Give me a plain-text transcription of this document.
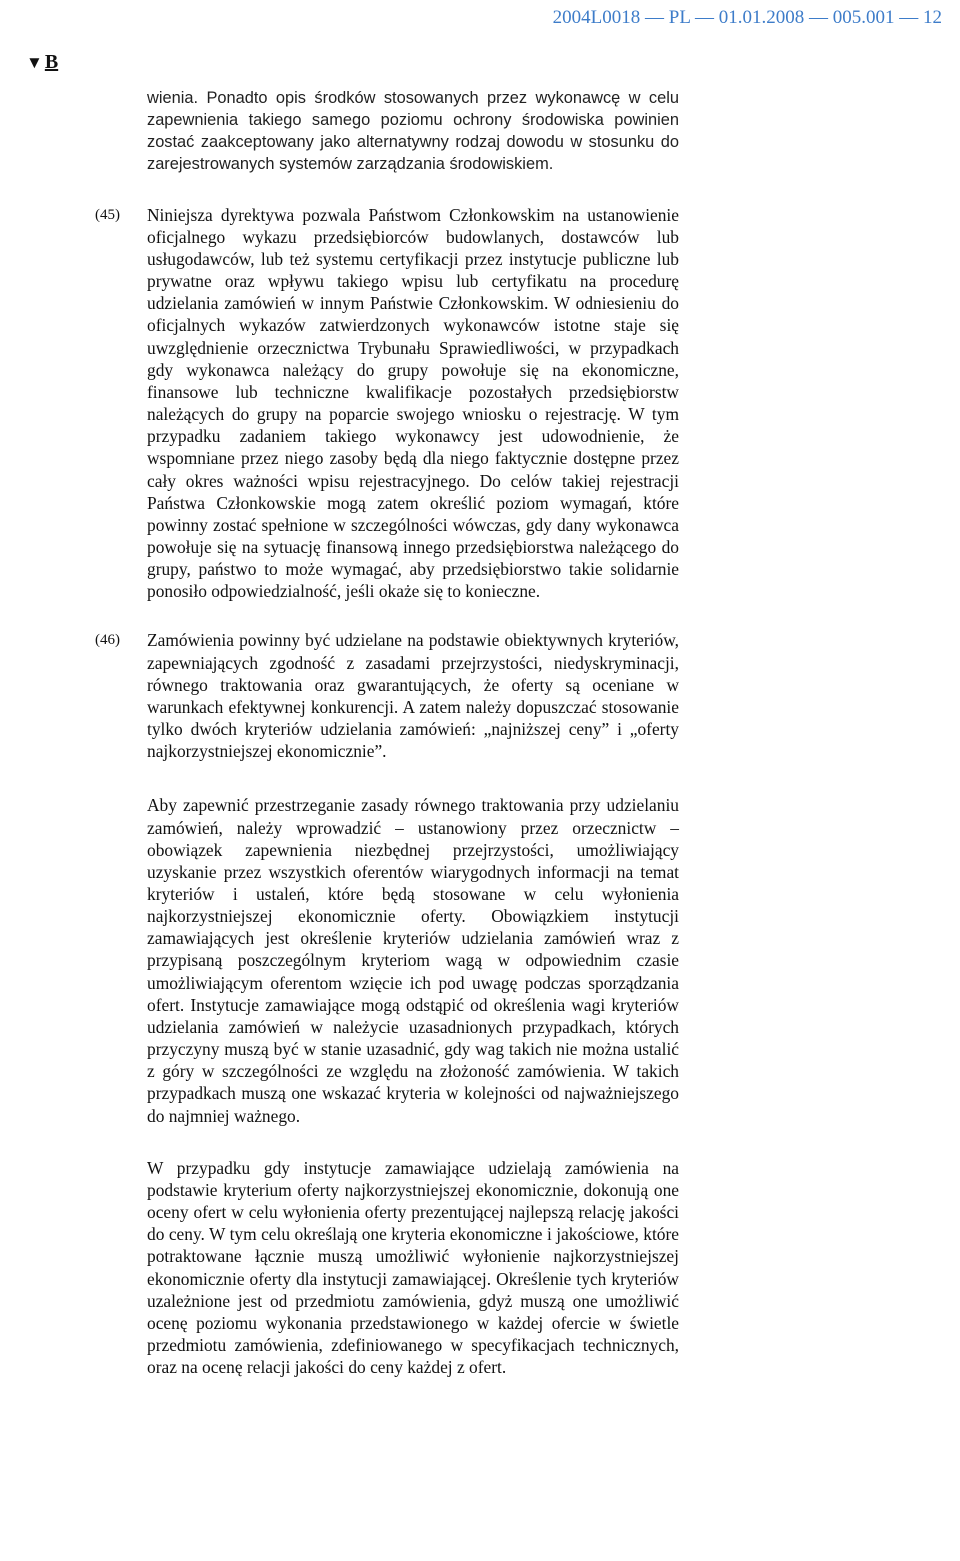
2004L0018 — PL — 01.01.2008 — 005.001 — 12
▼ B

wienia. Ponadto opis środków stosowanych przez wykonawcę w celu zapewnienia takiego samego poziomu ochrony środowiska powinien zostać zaakceptowany jako alternatywny rodzaj dowodu w stosunku do zarejestrowanych systemów zarządzania środowiskiem.

(45) Niniejsza dyrektywa pozwala Państwom Członkowskim na ustanowienie oficjalnego wykazu przedsiębiorców budowlanych, dostawców lub usługodawców, lub też systemu certyfikacji przez instytucje publiczne lub prywatne oraz wpływu takiego wpisu lub certyfikatu na procedurę udzielania zamówień w innym Państwie Członkowskim. W odniesieniu do oficjalnych wykazów zatwierdzonych wykonawców istotne staje się uwzględnienie orzecznictwa Trybunału Sprawiedliwości, w przypadkach gdy wykonawca należący do grupy powołuje się na ekonomiczne, finansowe lub techniczne kwalifikacje pozostałych przedsiębiorstw należących do grupy na poparcie swojego wniosku o rejestrację. W tym przypadku zadaniem takiego wykonawcy jest udowodnienie, że wspomniane przez niego zasoby będą dla niego faktycznie dostępne przez cały okres ważności wpisu rejestracyjnego. Do celów takiej rejestracji Państwa Członkowskie mogą zatem określić poziom wymagań, które powinny zostać spełnione w szczególności wówczas, gdy dany wykonawca powołuje się na sytuację finansową innego przedsiębiorstwa należącego do grupy, państwo to może wymagać, aby przedsiębiorstwo takie solidarnie ponosiło odpowiedzialność, jeśli okaże się to konieczne.

(46) Zamówienia powinny być udzielane na podstawie obiektywnych kryteriów, zapewniających zgodność z zasadami przejrzystości, niedyskryminacji, równego traktowania oraz gwarantujących, że oferty są oceniane w warunkach efektywnej konkurencji. A zatem należy dopuszczać stosowanie tylko dwóch kryteriów udzielania zamówień: „najniższej ceny” i „oferty najkorzystniejszej ekonomicznie”.

Aby zapewnić przestrzeganie zasady równego traktowania przy udzielaniu zamówień, należy wprowadzić – ustanowiony przez orzecznictw – obowiązek zapewnienia niezbędnej przejrzystości, umożliwiający uzyskanie przez wszystkich oferentów wiarygodnych informacji na temat kryteriów i ustaleń, które będą stosowane w celu wyłonienia najkorzystniejszej ekonomicznie oferty. Obowiązkiem instytucji zamawiających jest określenie kryteriów udzielania zamówień wraz z przypisaną poszczególnym kryteriom wagą w odpowiednim czasie umożliwiającym oferentom wzięcie ich pod uwagę podczas sporządzania ofert. Instytucje zamawiające mogą odstąpić od określenia wagi kryteriów udzielania zamówień w należycie uzasadnionych przypadkach, których przyczyny muszą być w stanie uzasadnić, gdy wag takich nie można ustalić z góry w szczególności ze względu na złożoność zamówienia. W takich przypadkach muszą one wskazać kryteria w kolejności od najważniejszego do najmniej ważnego.

W przypadku gdy instytucje zamawiające udzielają zamówienia na podstawie kryterium oferty najkorzystniejszej ekonomicznie, dokonują one oceny ofert w celu wyłonienia oferty prezentującej najlepszą relację jakości do ceny. W tym celu określają one kryteria ekonomiczne i jakościowe, które potraktowane łącznie muszą umożliwić wyłonienie najkorzystniejszej ekonomicznie oferty dla instytucji zamawiającej. Określenie tych kryteriów uzależnione jest od przedmiotu zamówienia, gdyż muszą one umożliwić ocenę poziomu wykonania przedstawionego w każdej ofercie w świetle przedmiotu zamówienia, zdefiniowanego w specyfikacjach technicznych, oraz na ocenę relacji jakości do ceny każdej z ofert.
